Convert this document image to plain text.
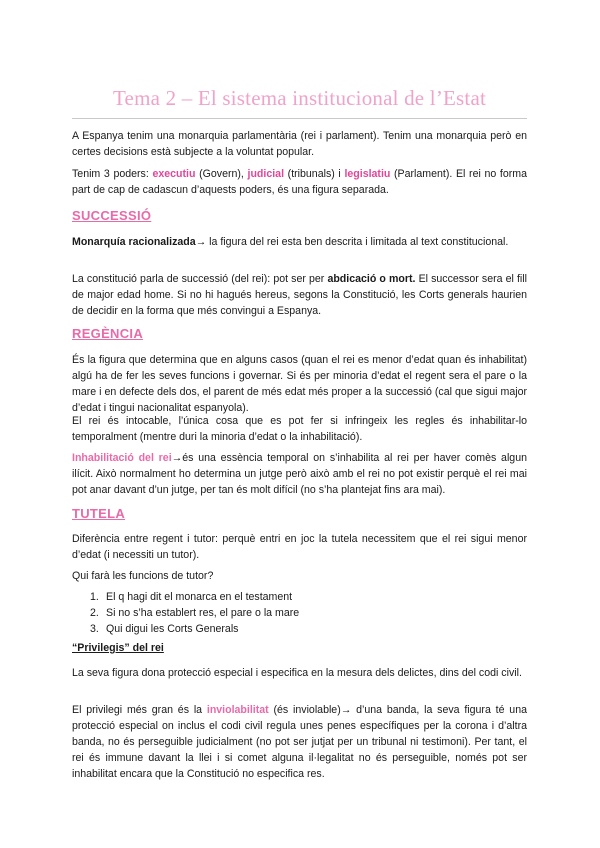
Tema 2 – El sistema institucional de l’Estat
A Espanya tenim una monarquia parlamentària (rei i parlament). Tenim una monarquia però en certes decisions està subjecte a la voluntat popular.
Tenim 3 poders: executiu (Govern), judicial (tribunals) i legislatiu (Parlament). El rei no forma part de cap de cadascun d’aquests poders, és una figura separada.
SUCCESSIÓ
Monarquía racionalizada→ la figura del rei esta ben descrita i limitada al text constitucional.
La constitució parla de successió (del rei): pot ser per abdicació o mort. El successor sera el fill de major edad home. Si no hi hagués hereus, segons la Constitució, les Corts generals haurien de decidir en la forma que més convingui a Espanya.
REGÈNCIA
És la figura que determina que en alguns casos (quan el rei es menor d’edat quan és inhabilitat) algú ha de fer les seves funcions i governar. Si és per minoria d’edat el regent sera el pare o la mare i en defecte dels dos, el parent de més edat més proper a la successió (cal que sigui major d’edat i tingui nacionalitat espanyola).
El rei és intocable, l’única cosa que es pot fer si infringeix les regles és inhabilitar-lo temporalment (mentre duri la minoria d’edat o la inhabilitació).
Inhabilitació del rei→és una essència temporal on s’inhabilita al rei per haver comès algun ilícit. Això normalment ho determina un jutge però això amb el rei no pot existir perquè el rei mai pot anar davant d’un jutge, per tan és molt difícil (no s’ha plantejat fins ara mai).
TUTELA
Diferència entre regent i tutor: perquè entri en joc la tutela necessitem que el rei sigui menor d’edat (i necessiti un tutor).
Qui farà les funcions de tutor?
1. El q hagi dit el monarca en el testament
2. Si no s’ha establert res, el pare o la mare
3. Qui digui les Corts Generals
“Privilegis” del rei
La seva figura dona protecció especial i especifica en la mesura dels delictes, dins del codi civil.
El privilegi més gran és la inviolabilitat (és inviolable)→ d’una banda, la seva figura té una protecció especial on inclus el codi civil regula unes penes específiques per la corona i d’altra banda, no és perseguible judicialment (no pot ser jutjat per un tribunal ni testimoni). Per tant, el rei és immune davant la llei i si comet alguna il·legalitat no és perseguible, només pot ser inhabilitat encara que la Constitució no especifica res.
